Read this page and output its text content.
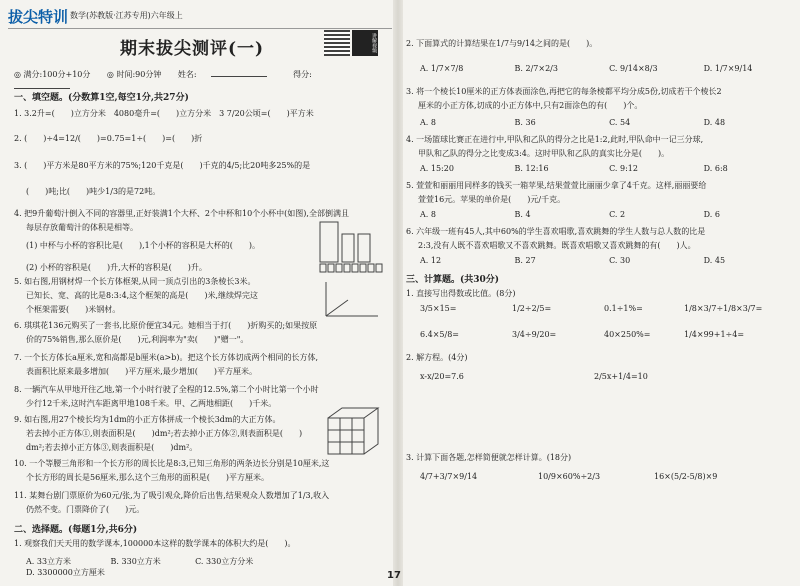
拔尖特训 数学(苏教版·江苏专用)六年级上
讲解视频
期末拔尖测评(一)
◎ 满分:100分+10分 ◎ 时间:90分钟 姓名:	得分:
一、填空题。(分数算1空,每空1分,共27分)
1. 3.2升=(　　)立方分米　4080毫升=(　　)立方分米　3 7/20公顷=(　　)平方米
2. (　　)÷4=12/(　　)=0.75=1÷(　　)=(　　)折
3. (　　)平方米是80平方米的75%;120千克是(　　)千克的4/5;比20吨多25%的是
(　　)吨;比(　　)吨少1/3的是72吨。
4. 把9升葡萄汁倒入不同的容器里,正好装满1个大杯、2个中杯和10个小杯中(如图),全部倒满且
每层存放葡萄汁的体积是相等。
(1) 中杯与小杯的容积比是(　　),1个小杯的容积是大杯的(　　)。
(2) 小杯的容积是(　　)升,大杯的容积是(　　)升。
5. 如右图,用钢材焊一个长方体框架,从同一顶点引出的3条棱长3米。
已知长、宽、高的比是8:3:4,这个框架的高是(　　)米,继续焊完这
个框架需要(　　)米钢材。
6. 琪琪花136元购买了一套书,比原价便宜34元。她相当于打(　　)折购买的;如果按原
价的75%销售,那么原价是(　　)元,利润率为"卖(　　)"赠一"。
7. 一个长方体长a厘米,宽和高都是b厘米(a>b)。把这个长方体切成两个相同的长方体,
表面积比原来最多增加(　　)平方厘米,最少增加(　　)平方厘米。
8. 一辆汽车从甲地开往乙地,第一个小时行驶了全程的12.5%,第二个小时比第一个小时
少行12千米,这时汽车距离甲地108千米。甲、乙两地相距(　　)千米。
9. 如右图,用27个棱长均为1dm的小正方体拼成一个棱长3dm的大正方体。
若去掉小正方体①,则表面积是(　　)dm²;若去掉小正方体②,则表面积是(　　)
dm²;若去掉小正方体③,则表面积是(　　)dm²。
10. 一个等腰三角形和一个长方形的周长比是8:3,已知三角形的两条边长分别是10厘米,这
个长方形的周长是56厘米,那么这个三角形的面积是(　　)平方厘米。
11. 某舞台剧门票原价为60元/张,为了吸引观众,降价后出售,结果观众人数增加了1/3,收入
仍然不变。门票降价了(　　)元。
二、选择题。(每题1分,共6分)
1. 观察我们天天用的数学课本,100000本这样的数学课本的体积大约是(　　)。
A. 33立方米	B. 330立方米	C. 330立方分米 D. 3300000立方厘米
2. 下面算式的计算结果在1/7与9/14之间的是(　　)。
A. 1/7×7/8	B. 2/7×2/3	C. 9/14×8/3	D. 1/7×9/14
3. 将一个棱长10厘米的正方体表面涂色,再把它的每条棱都平均分成5份,切成若干个棱长2
厘米的小正方体,切成的小正方体中,只有2面涂色的有(　　)个。
A. 8	B. 36	C. 54	D. 48
4. 一场篮球比赛正在进行中,甲队和乙队的得分之比是1:2,此时,甲队命中一记三分球,
甲队和乙队的得分之比变成3:4。这时甲队和乙队的真实比分是(　　)。
A. 15:20	B. 12:16	C. 9:12	D. 6:8
5. 萱萱和丽丽用同样多的钱买一箱苹果,结果萱萱比丽丽少拿了4千克。这样,丽丽要给
萱萱16元。苹果的单价是(　　)元/千克。
A. 8	B. 4	C. 2	D. 6
6. 六年级一班有45人,其中60%的学生喜欢唱歌,喜欢跳舞的学生人数与总人数的比是
2:3,没有人既不喜欢唱歌又不喜欢跳舞。既喜欢唱歌又喜欢跳舞的有(　　)人。
A. 12	B. 27	C. 30	D. 45
三、计算题。(共30分)
1. 直接写出得数或比值。(8分)
3/5×15=	1/2÷2/5=	0.1÷1%=	1/8×3/7÷1/8×3/7=
6.4×5/8=	3/4÷9/20=	40×250%=	1/4×99+1÷4=
2. 解方程。(4分)
x-x/20=7.6	2/5x+1/4=10
3. 计算下面各题,怎样简便就怎样计算。(18分)
4/7+3/7×9/14	10/9×60%÷2/3	16×(5/2-5/8)×9
17
